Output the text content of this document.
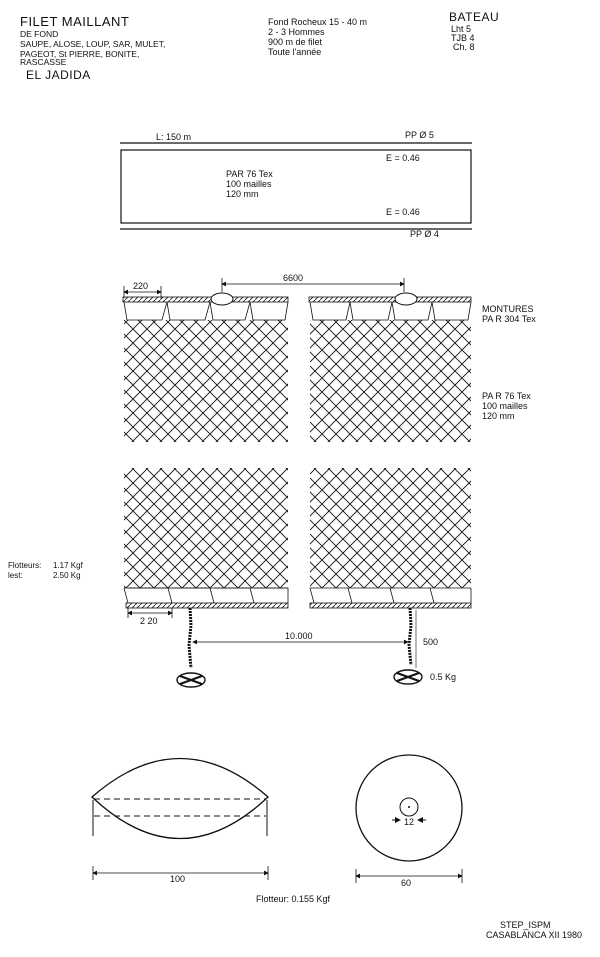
FILET MAILLANT
DE FOND
SAUPE, ALOSE, LOUP, SAR, MULET,
PAGEOT, St PIERRE, BONITE,
RASCASSE
EL JADIDA
Fond Rocheux 15 - 40 m
2 - 3 Hommes
900 m de filet
Toute l'année
BATEAU
Lht 5
TJB 4
Ch. 8
L: 150 m	PP Ø 5
E = 0.46
PAR 76 Tex
100 mailles
120 mm
E = 0.46
PP Ø 4
220
6600
MONTURES
PA R 304 Tex
PA R 76 Tex
100 mailles
120 mm
Flotteurs: 1.17 Kgf
lest:	2.50 Kg
2 20
10.000
500
0.5 Kg
100
12
60
Flotteur: 0.155 Kgf
STEP_ISPM
CASABLANCA XII 1980
